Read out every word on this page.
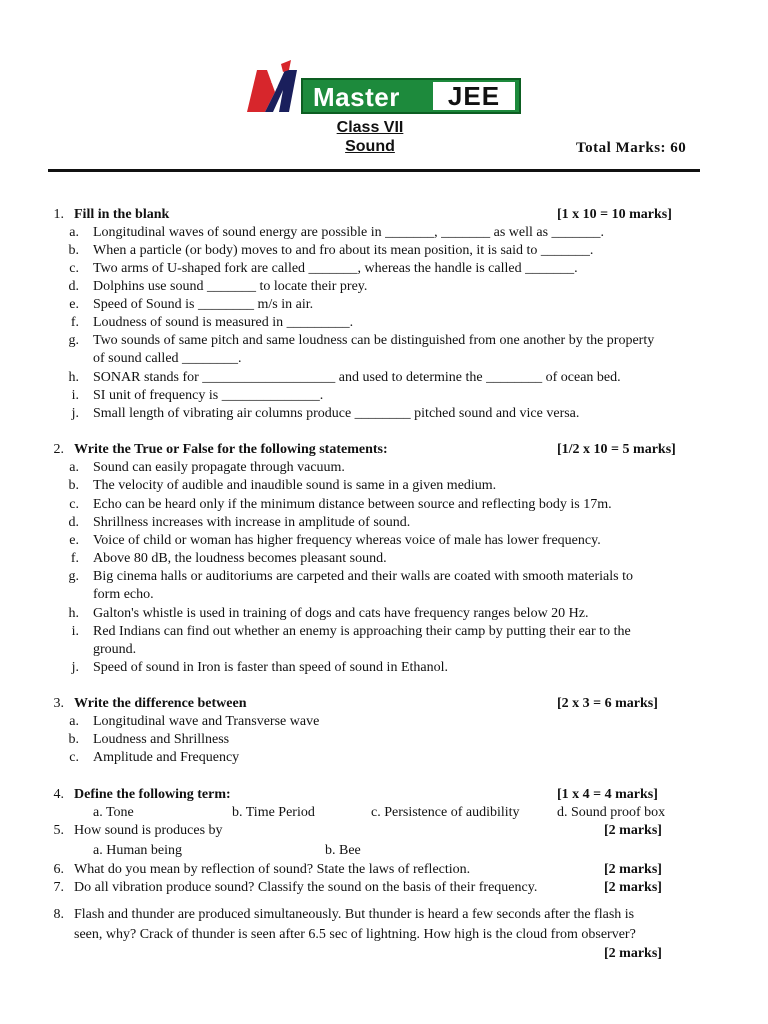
Master	JEE
Class VII
Sound	Total Marks: 60
1. Fill in the blank	[1 x 10 = 10 marks]
a. Longitudinal waves of sound energy are possible in _______, _______ as well as _______.
b. When a particle (or body) moves to and fro about its mean position, it is said to _______.
c. Two arms of U-shaped fork are called _______, whereas the handle is called _______.
d. Dolphins use sound _______ to locate their prey.
e. Speed of Sound is ________ m/s in air.
f. Loudness of sound is measured in _________.
g. Two sounds of same pitch and same loudness can be distinguished from one another by the property
of sound called ________.
h. SONAR stands for ___________________ and used to determine the ________ of ocean bed.
i. SI unit of frequency is ______________.
j. Small length of vibrating air columns produce ________ pitched sound and vice versa.
2. Write the True or False for the following statements:	[1/2 x 10 = 5 marks]
a. Sound can easily propagate through vacuum.
b. The velocity of audible and inaudible sound is same in a given medium.
c. Echo can be heard only if the minimum distance between source and reflecting body is 17m.
d. Shrillness increases with increase in amplitude of sound.
e. Voice of child or woman has higher frequency whereas voice of male has lower frequency.
f. Above 80 dB, the loudness becomes pleasant sound.
g. Big cinema halls or auditoriums are carpeted and their walls are coated with smooth materials to
form echo.
h. Galton's whistle is used in training of dogs and cats have frequency ranges below 20 Hz.
i. Red Indians can find out whether an enemy is approaching their camp by putting their ear to the
ground.
j. Speed of sound in Iron is faster than speed of sound in Ethanol.
3. Write the difference between	[2 x 3 = 6 marks]
a. Longitudinal wave and Transverse wave
b. Loudness and Shrillness
c. Amplitude and Frequency
4. Define the following term:	[1 x 4 = 4 marks]
a. Tone	b. Time Period	c. Persistence of audibility	d. Sound proof box
5. How sound is produces by	[2 marks]
a. Human being	b. Bee
6. What do you mean by reflection of sound? State the laws of reflection.	[2 marks]
7. Do all vibration produce sound? Classify the sound on the basis of their frequency.	[2 marks]
8. Flash and thunder are produced simultaneously. But thunder is heard a few seconds after the flash is
seen, why? Crack of thunder is seen after 6.5 sec of lightning. How high is the cloud from observer?
[2 marks]
